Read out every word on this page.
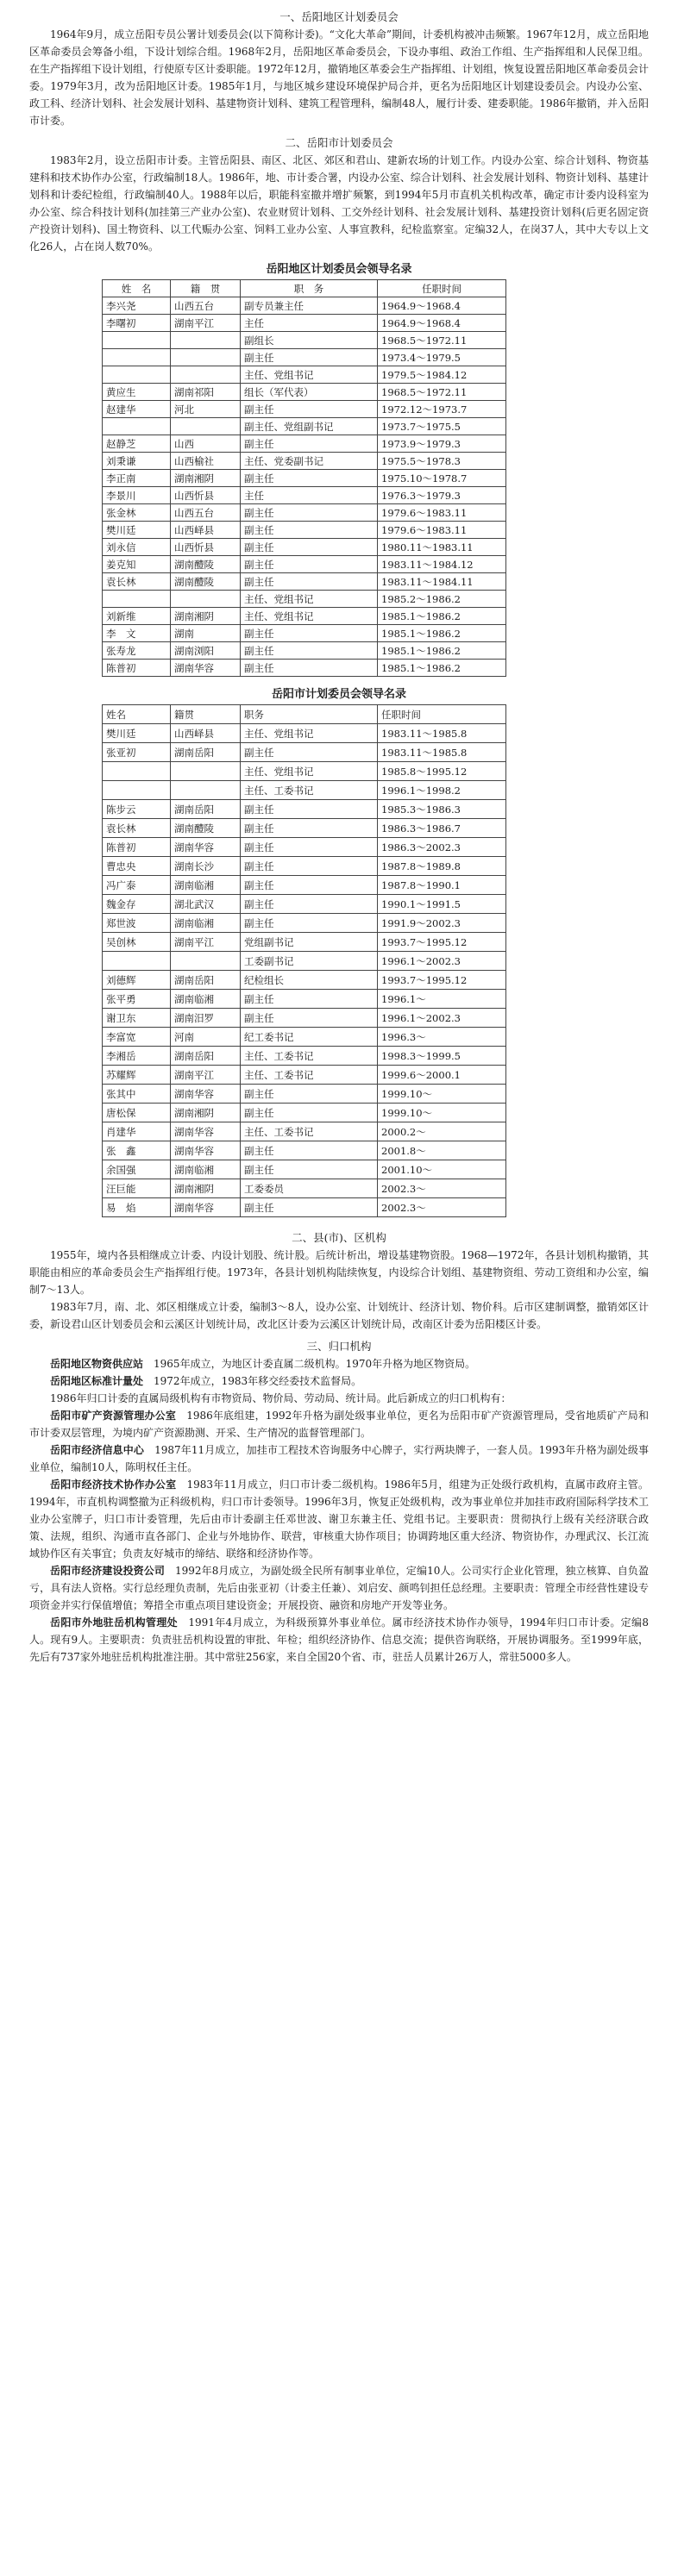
一、岳阳地区计划委员会

1964年9月，成立岳阳专员公署计划委员会(以下简称计委)。“文化大革命”期间，计委机构被冲击频繁。1967年12月，成立岳阳地区革命委员会筹备小组，下设计划综合组。1968年2月，岳阳地区革命委员会，下设办事组、政治工作组、生产指挥组和人民保卫组。在生产指挥组下设计划组，行使原专区计委职能。1972年12月，撤销地区革委会生产指挥组、计划组，恢复设置岳阳地区革命委员会计委。1979年3月，改为岳阳地区计委。1985年1月，与地区城乡建设环境保护局合并，更名为岳阳地区计划建设委员会。内设办公室、政工科、经济计划科、社会发展计划科、基建物资计划科、建筑工程管理科，编制48人，履行计委、建委职能。1986年撤销，并入岳阳市计委。

二、岳阳市计划委员会

1983年2月，设立岳阳市计委。主管岳阳县、南区、北区、郊区和君山、建新农场的计划工作。内设办公室、综合计划科、物资基建科和技术协作办公室，行政编制18人。1986年，地、市计委合署，内设办公室、综合计划科、社会发展计划科、物资计划科、基建计划科和计委纪检组，行政编制40人。1988年以后，职能科室撤并增扩频繁，到1994年5月市直机关机构改革，确定市计委内设科室为办公室、综合科技计划科(加挂第三产业办公室)、农业财贸计划科、工交外经计划科、社会发展计划科、基建投资计划科(后更名固定资产投资计划科)、国土物资科、以工代赈办公室、饲料工业办公室、人事宣教科，纪检监察室。定编32人，在岗37人，其中大专以上文化26人，占在岗人数70%。

岳阳地区计划委员会领导名录

姓　名	籍　贯	职　务	任职时间
李兴尧	山西五台	副专员兼主任	1964.9～1968.4
李曙初	湖南平江	主任	1964.9～1968.4
		副组长	1968.5～1972.11
		副主任	1973.4～1979.5
		主任、党组书记	1979.5～1984.12
黄应生	湖南祁阳	组长（军代表）	1968.5～1972.11
赵建华	河北	副主任	1972.12～1973.7
		副主任、党组副书记	1973.7～1975.5
赵静芝	山西	副主任	1973.9～1979.3
刘秉谦	山西榆社	主任、党委副书记	1975.5～1978.3
李正南	湖南湘阴	副主任	1975.10～1978.7
李景川	山西忻县	主任	1976.3～1979.3
张金林	山西五台	副主任	1979.6～1983.11
樊川廷	山西峄县	副主任	1979.6～1983.11
刘永信	山西忻县	副主任	1980.11～1983.11
姜克知	湖南醴陵	副主任	1983.11～1984.12
袁长林	湖南醴陵	副主任	1983.11～1984.11
		主任、党组书记	1985.2～1986.2
刘新维	湖南湘阴	主任、党组书记	1985.1～1986.2
李　文	湖南	副主任	1985.1～1986.2
张寿龙	湖南浏阳	副主任	1985.1～1986.2
陈普初	湖南华容	副主任	1985.1～1986.2

岳阳市计划委员会领导名录

姓名	籍贯	职务	任职时间
樊川廷	山西峄县	主任、党组书记	1983.11～1985.8
张亚初	湖南岳阳	副主任	1983.11～1985.8
		主任、党组书记	1985.8～1995.12
		主任、工委书记	1996.1～1998.2
陈步云	湖南岳阳	副主任	1985.3～1986.3
袁长林	湖南醴陵	副主任	1986.3～1986.7
陈普初	湖南华容	副主任	1986.3～2002.3
曹忠央	湖南长沙	副主任	1987.8～1989.8
冯广泰	湖南临湘	副主任	1987.8～1990.1
魏金存	湖北武汉	副主任	1990.1～1991.5
郑世波	湖南临湘	副主任	1991.9～2002.3
吴创林	湖南平江	党组副书记	1993.7～1995.12
		工委副书记	1996.1～2002.3
刘德辉	湖南岳阳	纪检组长	1993.7～1995.12
张平勇	湖南临湘	副主任	1996.1～
谢卫东	湖南汨罗	副主任	1996.1～2002.3
李富宽	河南	纪工委书记	1996.3～
李湘岳	湖南岳阳	主任、工委书记	1998.3～1999.5
苏耀辉	湖南平江	主任、工委书记	1999.6～2000.1
张其中	湖南华容	副主任	1999.10～
唐松保	湖南湘阴	副主任	1999.10～
肖建华	湖南华容	主任、工委书记	2000.2～
张　鑫	湖南华容	副主任	2001.8～
余国强	湖南临湘	副主任	2001.10～
汪巨能	湖南湘阴	工委委员	2002.3～
易　焰	湖南华容	副主任	2002.3～

二、县(市)、区机构

1955年，境内各县相继成立计委、内设计划股、统计股。后统计析出，增设基建物资股。1968—1972年，各县计划机构撤销，其职能由相应的革命委员会生产指挥组行使。1973年，各县计划机构陆续恢复，内设综合计划组、基建物资组、劳动工资组和办公室，编制7～13人。

1983年7月，南、北、郊区相继成立计委，编制3～8人，设办公室、计划统计、经济计划、物价科。后市区建制调整，撤销郊区计委，新设君山区计划委员会和云溪区计划统计局，改北区计委为云溪区计划统计局，改南区计委为岳阳楼区计委。

三、归口机构

岳阳地区物资供应站　 1965年成立，为地区计委直属二级机构。1970年升格为地区物资局。

岳阳地区标准计量处　 1972年成立，1983年移交经委技术监督局。

1986年归口计委的直属局级机构有市物资局、物价局、劳动局、统计局。此后新成立的归口机构有：

岳阳市矿产资源管理办公室　 1986年底组建，1992年升格为副处级事业单位，更名为岳阳市矿产资源管理局，受省地质矿产局和市计委双层管理，为境内矿产资源勘测、开采、生产情况的监督管理部门。

岳阳市经济信息中心　 1987年11月成立，加挂市工程技术咨询服务中心牌子，实行两块牌子，一套人员。1993年升格为副处级事业单位，编制10人，陈明权任主任。

岳阳市经济技术协作办公室　 1983年11月成立，归口市计委二级机构。1986年5月，组建为正处级行政机构，直属市政府主管。1994年，市直机构调整撤为正科级机构，归口市计委领导。1996年3月，恢复正处级机构，改为事业单位并加挂市政府国际科学技术工业办公室牌子，归口市计委管理，先后由市计委副主任邓世波、谢卫东兼主任、党组书记。主要职责：贯彻执行上级有关经济联合政策、法规，组织、沟通市直各部门、企业与外地协作、联营，审核重大协作项目；协调跨地区重大经济、物资协作，办理武汉、长江流域协作区有关事宜；负责友好城市的缔结、联络和经济协作等。

岳阳市经济建设投资公司　 1992年8月成立，为副处级全民所有制事业单位，定编10人。公司实行企业化管理，独立核算、自负盈亏，具有法人资格。实行总经理负责制，先后由张亚初（计委主任兼）、刘启安、颜鸣钊担任总经理。主要职责：管理全市经营性建设专项资金并实行保值增值；筹措全市重点项目建设资金；开展投资、融资和房地产开发等业务。

岳阳市外地驻岳机构管理处　 1991年4月成立，为科级预算外事业单位。属市经济技术协作办领导，1994年归口市计委。定编8人。现有9人。主要职责：负责驻岳机构设置的审批、年检；组织经济协作、信息交流；提供咨询联络，开展协调服务。至1999年底，先后有737家外地驻岳机构批准注册。其中常驻256家，来自全国20个省、市，驻岳人员累计26万人，常驻5000多人。
